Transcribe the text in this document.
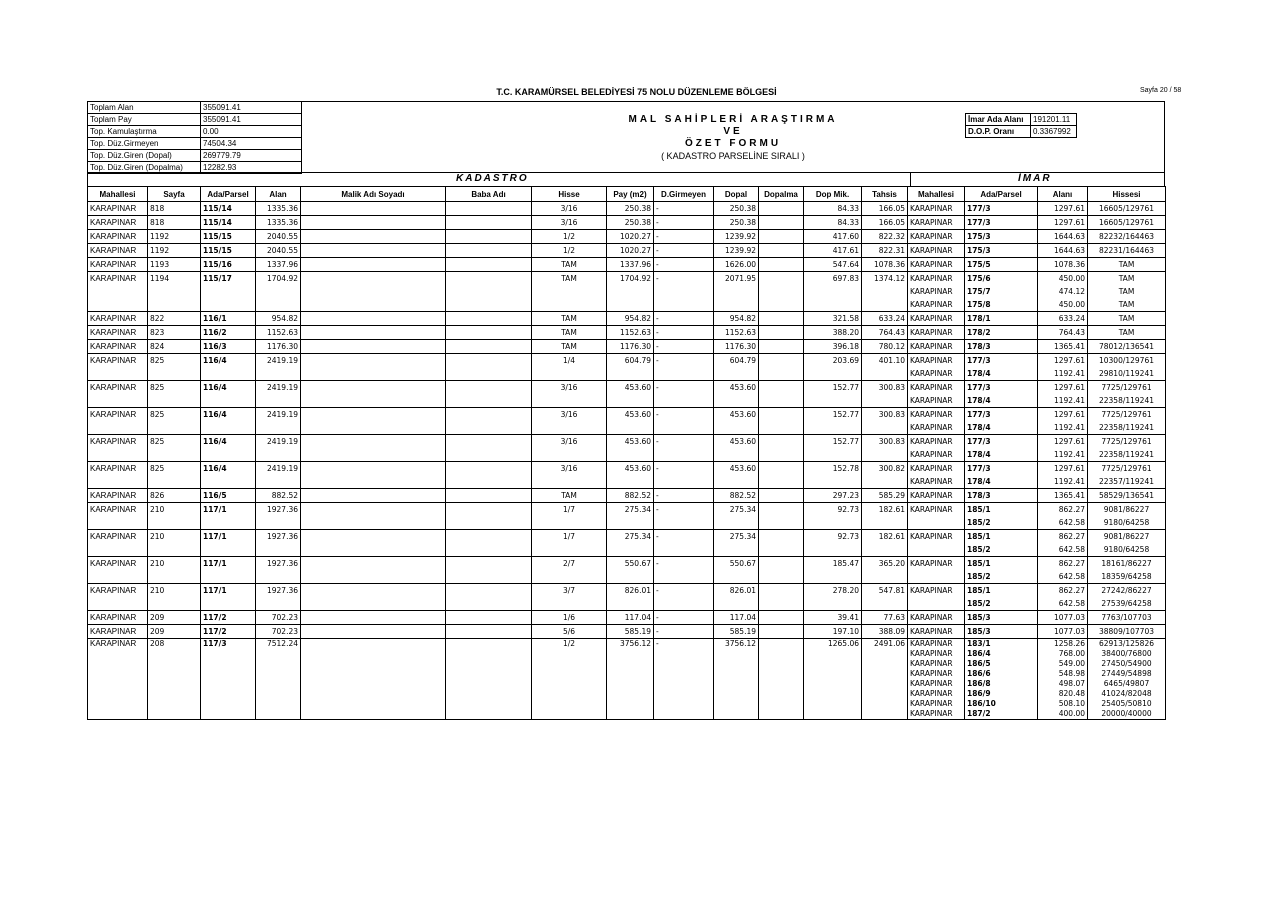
T.C. KARAMÜRSEL BELEDİYESİ 75 NOLU DÜZENLEME BÖLGESİ	Sayfa 20 / 58
Toplam Alan	355091.41
Toplam Pay	355091.41
Top. Kamulaştırma	0.00
Top. Düz.Girmeyen	74504.34
Top. Düz.Giren (Dopal)	269779.79
Top. Düz.Giren (Dopalma)	12282.93
MAL SAHİPLERİ ARAŞTIRMA
VE
ÖZET FORMU
( KADASTRO PARSELİNE SIRALI )
İmar Ada Alanı	191201.11
D.O.P. Oranı	0.3367992
KADASTRO	İMAR
Mahallesi	Sayfa	Ada/Parsel	Alan	Malik Adı Soyadı	Baba Adı	Hisse	Pay (m2)	D.Girmeyen	Dopal	Dopalma	Dop Mik.	Tahsis	Mahallesi	Ada/Parsel	Alanı	Hissesi
KARAPINAR	818	115/14	1335.36			3/16	250.38	-	250.38		84.33	166.05	KARAPINAR	177/3	1297.61	16605/129761
KARAPINAR	818	115/14	1335.36			3/16	250.38	-	250.38		84.33	166.05	KARAPINAR	177/3	1297.61	16605/129761
KARAPINAR	1192	115/15	2040.55			1/2	1020.27	-	1239.92		417.60	822.32	KARAPINAR	175/3	1644.63	82232/164463
KARAPINAR	1192	115/15	2040.55			1/2	1020.27	-	1239.92		417.61	822.31	KARAPINAR	175/3	1644.63	82231/164463
KARAPINAR	1193	115/16	1337.96			TAM	1337.96	-	1626.00		547.64	1078.36	KARAPINAR	175/5	1078.36	TAM
KARAPINAR	1194	115/17	1704.92			TAM	1704.92	-	2071.95		697.83	1374.12	KARAPINAR	175/6	450.00	TAM
													KARAPINAR	175/7	474.12	TAM
													KARAPINAR	175/8	450.00	TAM
KARAPINAR	822	116/1	954.82			TAM	954.82	-	954.82		321.58	633.24	KARAPINAR	178/1	633.24	TAM
KARAPINAR	823	116/2	1152.63			TAM	1152.63	-	1152.63		388.20	764.43	KARAPINAR	178/2	764.43	TAM
KARAPINAR	824	116/3	1176.30			TAM	1176.30	-	1176.30		396.18	780.12	KARAPINAR	178/3	1365.41	78012/136541
KARAPINAR	825	116/4	2419.19			1/4	604.79	-	604.79		203.69	401.10	KARAPINAR	177/3	1297.61	10300/129761
													KARAPINAR	178/4	1192.41	29810/119241
KARAPINAR	825	116/4	2419.19			3/16	453.60	-	453.60		152.77	300.83	KARAPINAR	177/3	1297.61	7725/129761
													KARAPINAR	178/4	1192.41	22358/119241
KARAPINAR	825	116/4	2419.19			3/16	453.60	-	453.60		152.77	300.83	KARAPINAR	177/3	1297.61	7725/129761
													KARAPINAR	178/4	1192.41	22358/119241
KARAPINAR	825	116/4	2419.19			3/16	453.60	-	453.60		152.77	300.83	KARAPINAR	177/3	1297.61	7725/129761
													KARAPINAR	178/4	1192.41	22358/119241
KARAPINAR	825	116/4	2419.19			3/16	453.60	-	453.60		152.78	300.82	KARAPINAR	177/3	1297.61	7725/129761
													KARAPINAR	178/4	1192.41	22357/119241
KARAPINAR	826	116/5	882.52			TAM	882.52	-	882.52		297.23	585.29	KARAPINAR	178/3	1365.41	58529/136541
KARAPINAR	210	117/1	1927.36			1/7	275.34	-	275.34		92.73	182.61	KARAPINAR	185/1	862.27	9081/86227
														185/2	642.58	9180/64258
KARAPINAR	210	117/1	1927.36			1/7	275.34	-	275.34		92.73	182.61	KARAPINAR	185/1	862.27	9081/86227
														185/2	642.58	9180/64258
KARAPINAR	210	117/1	1927.36			2/7	550.67	-	550.67		185.47	365.20	KARAPINAR	185/1	862.27	18161/86227
														185/2	642.58	18359/64258
KARAPINAR	210	117/1	1927.36			3/7	826.01	-	826.01		278.20	547.81	KARAPINAR	185/1	862.27	27242/86227
														185/2	642.58	27539/64258
KARAPINAR	209	117/2	702.23			1/6	117.04	-	117.04		39.41	77.63	KARAPINAR	185/3	1077.03	7763/107703
KARAPINAR	209	117/2	702.23			5/6	585.19	-	585.19		197.10	388.09	KARAPINAR	185/3	1077.03	38809/107703
KARAPINAR	208	117/3	7512.24			1/2	3756.12	-	3756.12		1265.06	2491.06	KARAPINAR	183/1	1258.26	62913/125826
													KARAPINAR	186/4	768.00	38400/76800
													KARAPINAR	186/5	549.00	27450/54900
													KARAPINAR	186/6	548.98	27449/54898
													KARAPINAR	186/8	498.07	6465/49807
													KARAPINAR	186/9	820.48	41024/82048
													KARAPINAR	186/10	508.10	25405/50810
													KARAPINAR	187/2	400.00	20000/40000
